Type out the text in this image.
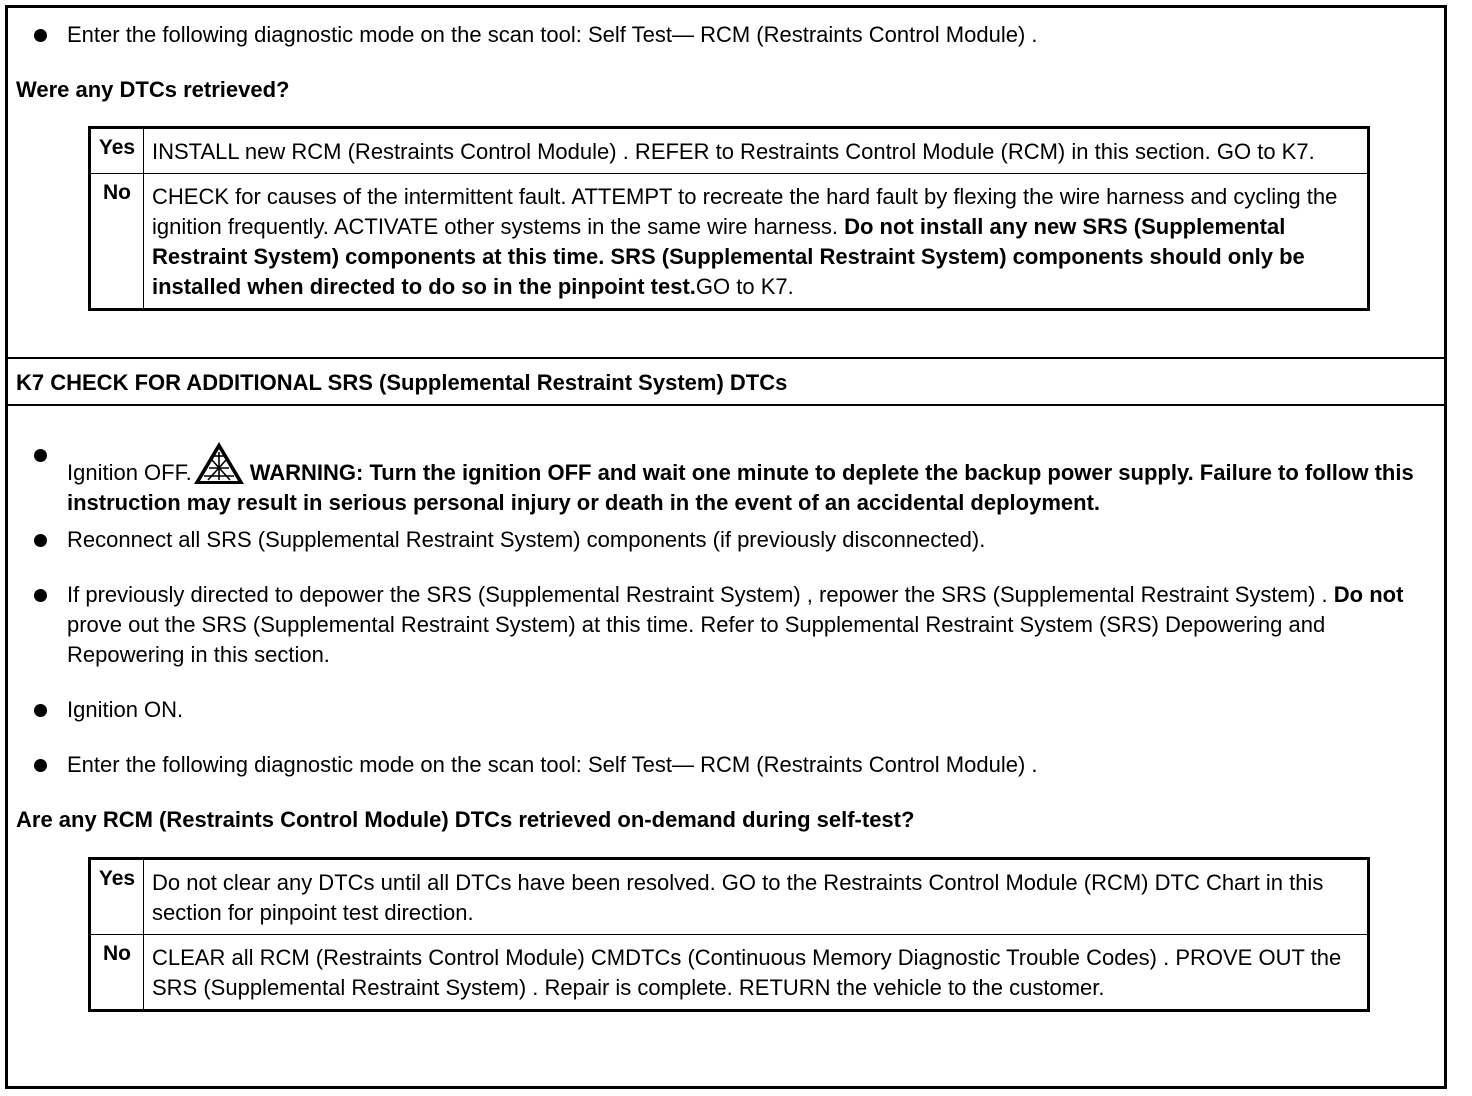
Enter the following diagnostic mode on the scan tool: Self Test— RCM (Restraints Control Module) .
Were any DTCs retrieved?
Yes	INSTALL new RCM (Restraints Control Module) . REFER to Restraints Control Module (RCM) in this section. GO to K7.
No	CHECK for causes of the intermittent fault. ATTEMPT to recreate the hard fault by flexing the wire harness and cycling the ignition frequently. ACTIVATE other systems in the same wire harness. Do not install any new SRS (Supplemental Restraint System) components at this time. SRS (Supplemental Restraint System) components should only be installed when directed to do so in the pinpoint test.GO to K7.
K7 CHECK FOR ADDITIONAL SRS (Supplemental Restraint System) DTCs
Ignition OFF.	WARNING: Turn the ignition OFF and wait one minute to deplete the backup power supply. Failure to follow this instruction may result in serious personal injury or death in the event of an accidental deployment.
Reconnect all SRS (Supplemental Restraint System) components (if previously disconnected).
If previously directed to depower the SRS (Supplemental Restraint System) , repower the SRS (Supplemental Restraint System) . Do not prove out the SRS (Supplemental Restraint System) at this time. Refer to Supplemental Restraint System (SRS) Depowering and Repowering in this section.
Ignition ON.
Enter the following diagnostic mode on the scan tool: Self Test— RCM (Restraints Control Module) .
Are any RCM (Restraints Control Module) DTCs retrieved on-demand during self-test?
Yes	Do not clear any DTCs until all DTCs have been resolved. GO to the Restraints Control Module (RCM) DTC Chart in this section for pinpoint test direction.
No	CLEAR all RCM (Restraints Control Module) CMDTCs (Continuous Memory Diagnostic Trouble Codes) . PROVE OUT the SRS (Supplemental Restraint System) . Repair is complete. RETURN the vehicle to the customer.
